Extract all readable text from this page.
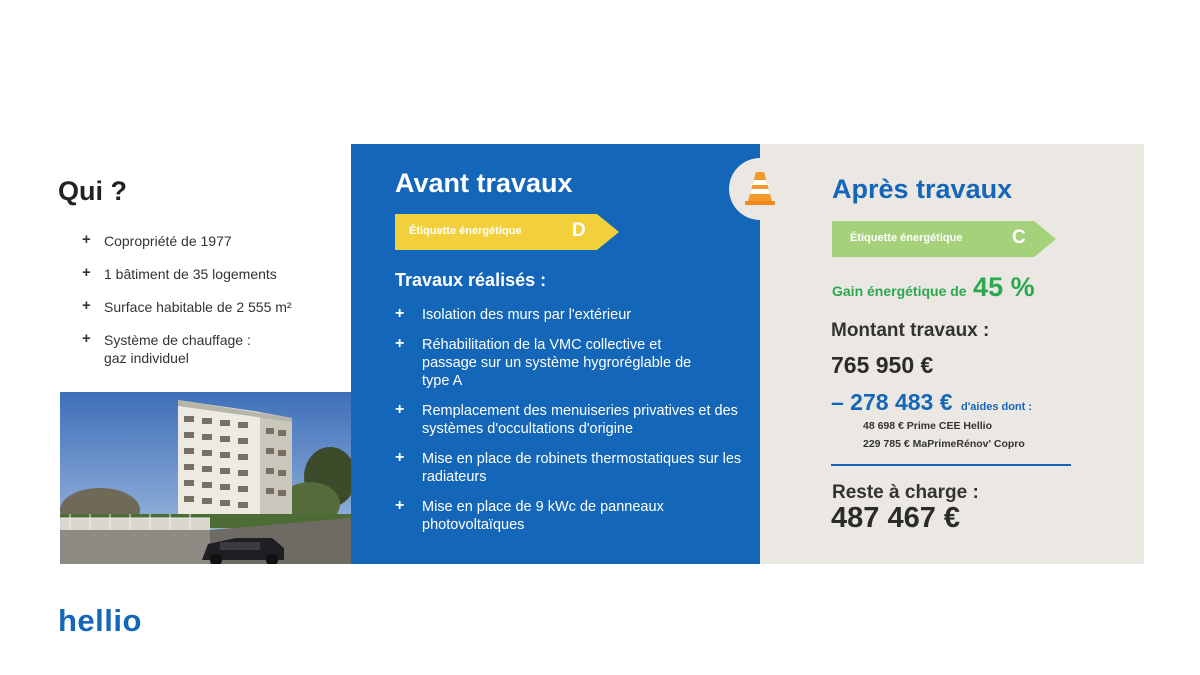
Qui ?
+ Copropriété de 1977
+ 1 bâtiment de 35 logements
+ Surface habitable de 2 555 m²
+ Système de chauffage :
gaz individuel
Avant travaux
Étiquette énergétique	D
Travaux réalisés :
+ Isolation des murs par l'extérieur
+ Réhabilitation de la VMC collective et passage sur un système hygroréglable de type A
+ Remplacement des menuiseries privatives et des systèmes d'occultations d'origine
+ Mise en place de robinets thermostatiques sur les radiateurs
+ Mise en place de 9 kWc de panneaux photovoltaïques
Après travaux
Étiquette énergétique	C
Gain énergétique de 45 %
Montant travaux :
765 950 €
– 278 483 € d'aides dont :
48 698 € Prime CEE Hellio
229 785 € MaPrimeRénov' Copro
Reste à charge :
487 467 €
hellio
